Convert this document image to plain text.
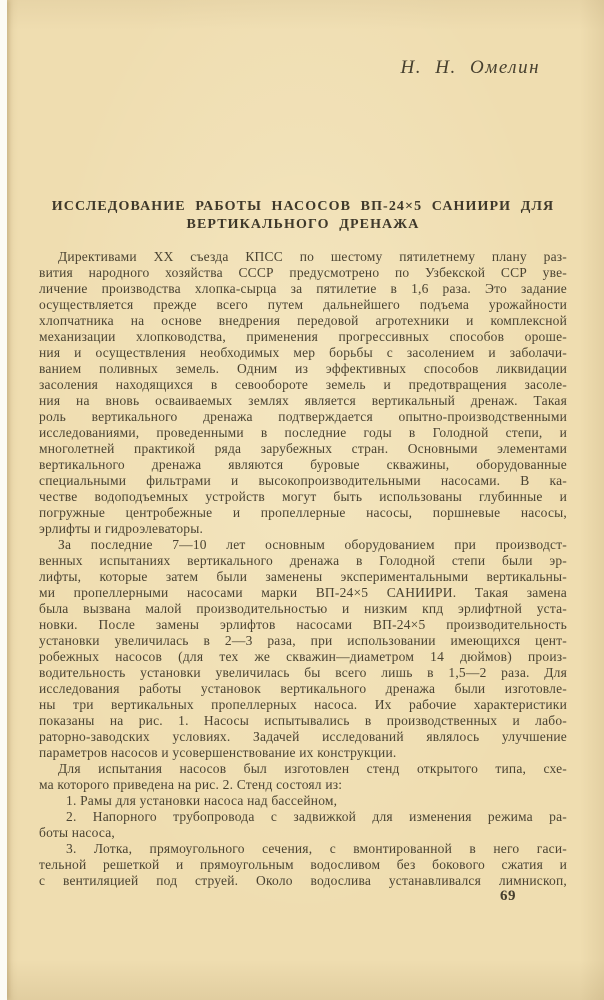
Н. Н. Омелин
ИССЛЕДОВАНИЕ РАБОТЫ НАСОСОВ ВП-24×5 САНИИРИ ДЛЯ
ВЕРТИКАЛЬНОГО ДРЕНАЖА
Директивами XX съезда КПСС по шестому пятилетнему плану раз-
вития народного хозяйства СССР предусмотрено по Узбекской ССР уве-
личение производства хлопка-сырца за пятилетие в 1,6 раза. Это задание
осуществляется прежде всего путем дальнейшего подъема урожайности
хлопчатника на основе внедрения передовой агротехники и комплексной
механизации хлопководства, применения прогрессивных способов ороше-
ния и осуществления необходимых мер борьбы с засолением и заболачи-
ванием поливных земель. Одним из эффективных способов ликвидации
засоления находящихся в севообороте земель и предотвращения засоле-
ния на вновь осваиваемых землях является вертикальный дренаж. Такая
роль вертикального дренажа подтверждается опытно-производственными
исследованиями, проведенными в последние годы в Голодной степи, и
многолетней практикой ряда зарубежных стран. Основными элементами
вертикального дренажа являются буровые скважины, оборудованные
специальными фильтрами и высокопроизводительными насосами. В ка-
честве водоподъемных устройств могут быть использованы глубинные и
погружные центробежные и пропеллерные насосы, поршневые насосы,
эрлифты и гидроэлеваторы.
За последние 7—10 лет основным оборудованием при производст-
венных испытаниях вертикального дренажа в Голодной степи были эр-
лифты, которые затем были заменены экспериментальными вертикальны-
ми пропеллерными насосами марки ВП-24×5 САНИИРИ. Такая замена
была вызвана малой производительностью и низким кпд эрлифтной уста-
новки. После замены эрлифтов насосами ВП-24×5 производительность
установки увеличилась в 2—3 раза, при использовании имеющихся цент-
робежных насосов (для тех же скважин—диаметром 14 дюймов) произ-
водительность установки увеличилась бы всего лишь в 1,5—2 раза. Для
исследования работы установок вертикального дренажа были изготовле-
ны три вертикальных пропеллерных насоса. Их рабочие характеристики
показаны на рис. 1. Насосы испытывались в производственных и лабо-
раторно-заводских условиях. Задачей исследований являлось улучшение
параметров насосов и усовершенствование их конструкции.
Для испытания насосов был изготовлен стенд открытого типа, схе-
ма которого приведена на рис. 2. Стенд состоял из:
1. Рамы для установки насоса над бассейном,
2. Напорного трубопровода с задвижкой для изменения режима ра-
боты насоса,
3. Лотка, прямоугольного сечения, с вмонтированной в него гаси-
тельной решеткой и прямоугольным водосливом без бокового сжатия и
с вентиляцией под струей. Около водослива устанавливался лимнископ,
69
